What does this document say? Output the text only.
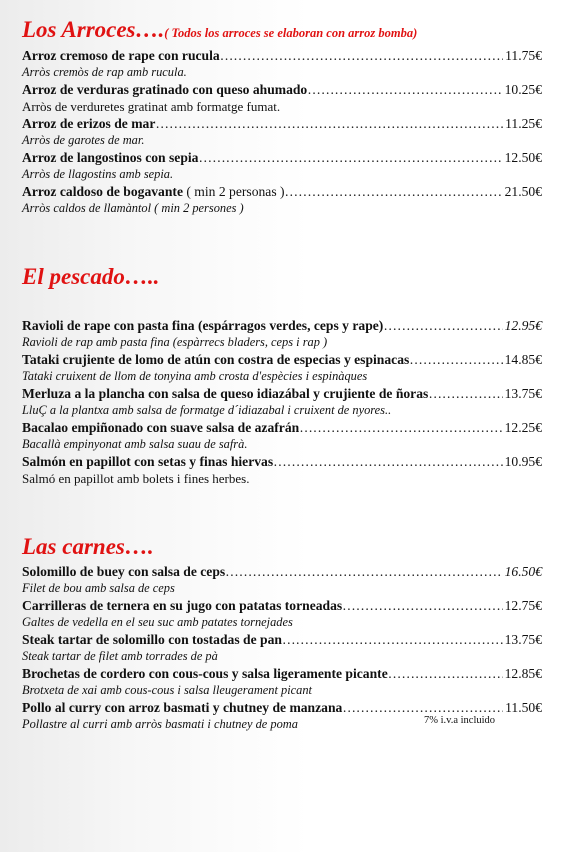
Los Arroces….( Todos los arroces se elaboran con arroz bomba)
Arroz cremoso de rape con rucula …………………………………………………………………………………………………………………	11.75€
Arròs cremòs de rap amb rucula.
Arroz de verduras gratinado con queso ahumado …………………………………………………………………………………………………………………	10.25€
Arròs de verduretes gratinat amb formatge fumat.
Arroz de erizos de mar …………………………………………………………………………………………………………………	11.25€
Arròs de garotes de mar.
Arroz de langostinos con sepia …………………………………………………………………………………………………………………	12.50€
Arròs de llagostins amb sepia.
Arroz caldoso de bogavante ( min 2 personas ) …………………………………………………………………………………………………………………	21.50€
Arròs caldos de llamàntol ( min 2 persones )
El pescado…..
Ravioli de rape con pasta fina (espárragos verdes, ceps y rape) …………………………………………………………………………………………………………………	12.95€
Ravioli de rap amb pasta fina (espàrrecs bladers, ceps i rap )
Tataki crujiente de lomo de atún con costra de especias y espinacas …………………………………………………………………………………………………………………	14.85€
Tataki cruixent de llom de tonyina amb crosta d'espècies i espinàques
Merluza a la plancha con salsa de queso idiazábal y crujiente de ñoras …………………………………………………………………………………………………………………	13.75€
LluÇ a la plantxa amb salsa de formatge d´idiazabal i cruixent de nyores..
Bacalao empiñonado con suave salsa de azafrán …………………………………………………………………………………………………………………	12.25€
Bacallà empinyonat amb salsa suau de safrà.
Salmón en papillot con setas y finas hiervas …………………………………………………………………………………………………………………	10.95€
Salmó en papillot amb bolets i fines herbes.
Las carnes….
Solomillo de buey con salsa de ceps …………………………………………………………………………………………………………………	16.50€
Filet de bou amb salsa de ceps
Carrilleras de ternera en su jugo con patatas torneadas …………………………………………………………………………………………………………………	12.75€
Galtes de vedella en el seu suc amb patates tornejades
Steak tartar de solomillo con tostadas de pan …………………………………………………………………………………………………………………	13.75€
Steak tartar de filet amb torrades de pà
Brochetas de cordero con cous-cous y salsa ligeramente picante …………………………………………………………………………………………………………………	12.85€
Brotxeta de xai amb cous-cous i salsa lleugerament picant
Pollo al curry con arroz basmati y chutney de manzana …………………………………………………………………………………………………………………	11.50€
Pollastre al curri amb arròs basmati i chutney de poma	7% i.v.a incluido
